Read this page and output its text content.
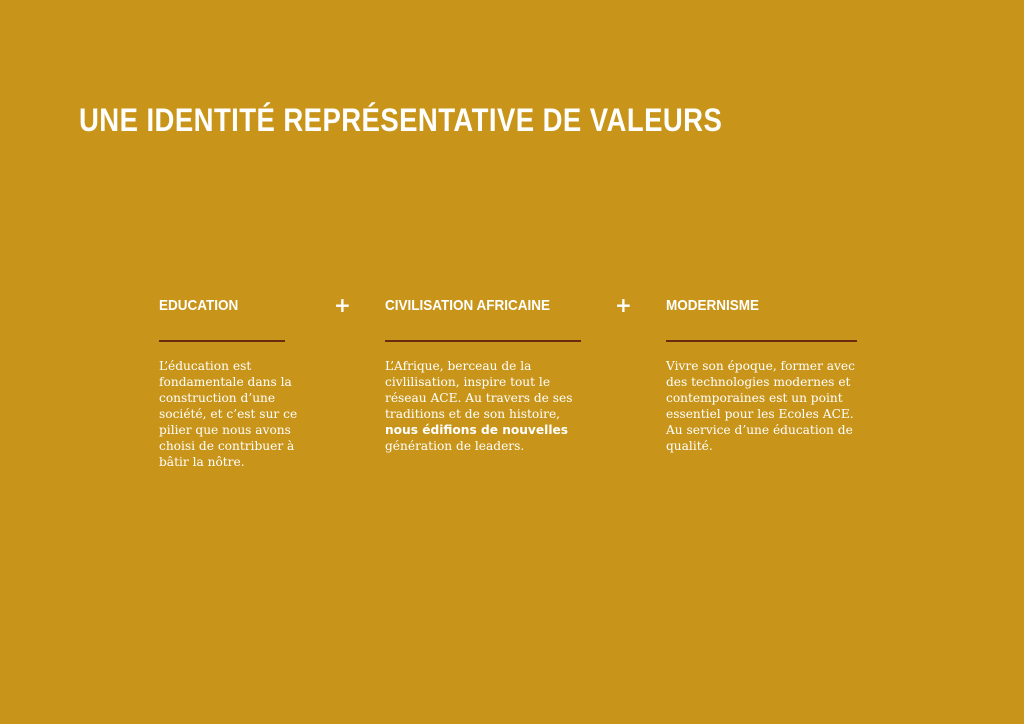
UNE IDENTITÉ REPRÉSENTATIVE DE VALEURS
EDUCATION

L’éducation est
fondamentale dans la
construction d’une
société, et c’est sur ce
pilier que nous avons
choisi de contribuer à
bâtir la nôtre.

+ CIVILISATION AFRICAINE

L’Afrique, berceau de la
civlilisation, inspire tout le
réseau ACE. Au travers de ses
traditions et de son histoire,
nous édifions de nouvelles
génération de leaders.

+ MODERNISME

Vivre son époque, former avec
des technologies modernes et
contemporaines est un point
essentiel pour les Ecoles ACE.
Au service d’une éducation de
qualité.
